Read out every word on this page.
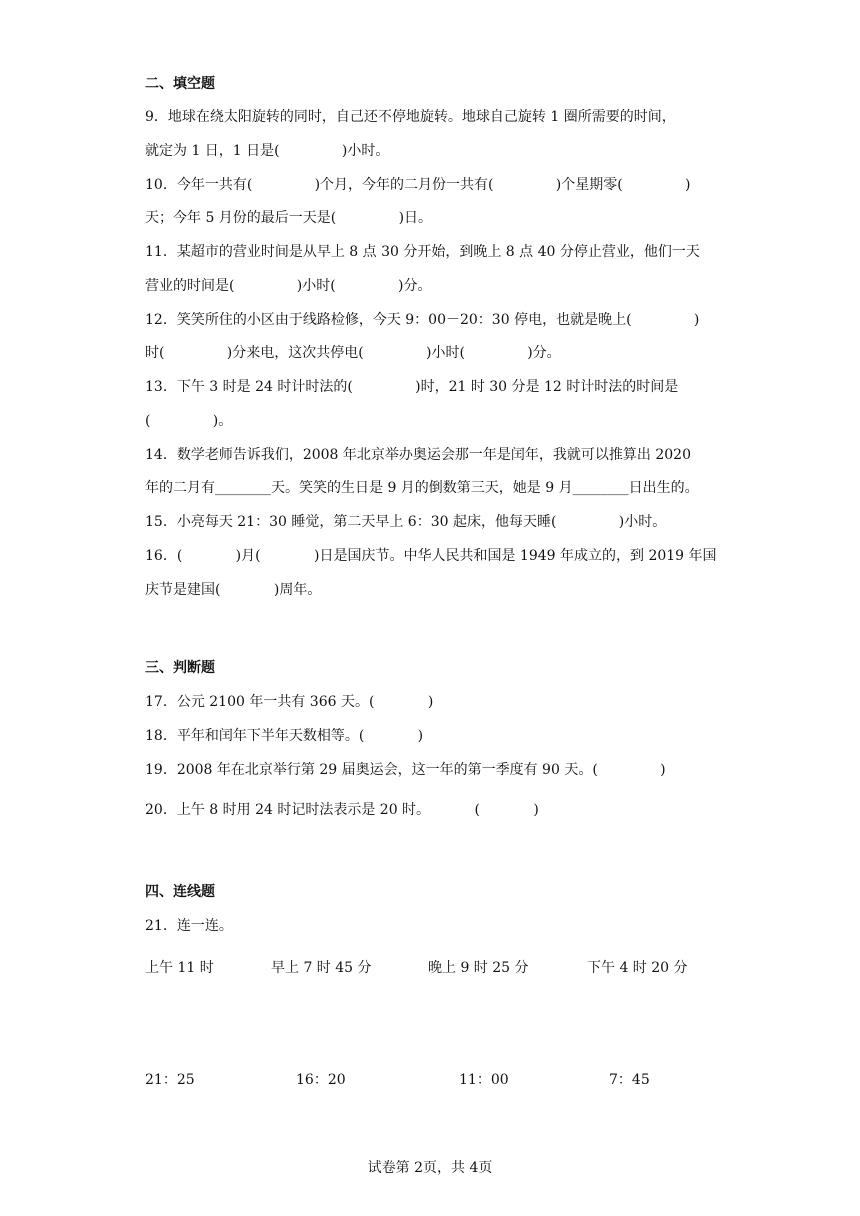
二、填空题
9．地球在绕太阳旋转的同时，自己还不停地旋转。地球自己旋转 1 圈所需要的时间，
就定为 1 日，1 日是(              )小时。
10．今年一共有(              )个月，今年的二月份一共有(              )个星期零(              )
天；今年 5 月份的最后一天是(              )日。
11．某超市的营业时间是从早上 8 点 30 分开始，到晚上 8 点 40 分停止营业，他们一天
营业的时间是(              )小时(              )分。
12．笑笑所住的小区由于线路检修，今天 9：00－20：30 停电，也就是晚上(              )
时(              )分来电，这次共停电(              )小时(              )分。
13．下午 3 时是 24 时计时法的(              )时，21 时 30 分是 12 时计时法的时间是
(              )。
14．数学老师告诉我们，2008 年北京举办奥运会那一年是闰年，我就可以推算出 2020
年的二月有________天。笑笑的生日是 9 月的倒数第三天，她是 9 月________日出生的。
15．小亮每天 21：30 睡觉，第二天早上 6：30 起床，他每天睡(              )小时。
16．(            )月(            )日是国庆节。中华人民共和国是 1949 年成立的，到 2019 年国
庆节是建国(            )周年。
三、判断题
17．公元 2100 年一共有 366 天。(            )
18．平年和闰年下半年天数相等。(            )
19．2008 年在北京举行第 29 届奥运会，这一年的第一季度有 90 天。(              )
20．上午 8 时用 24 时记时法表示是 20 时。          (            )
四、连线题
21．连一连。
上午 11 时	早上 7 时 45 分	晚上 9 时 25 分	下午 4 时 20 分
21：25	16：20	11：00	7：45
试卷第 2页，共 4页
